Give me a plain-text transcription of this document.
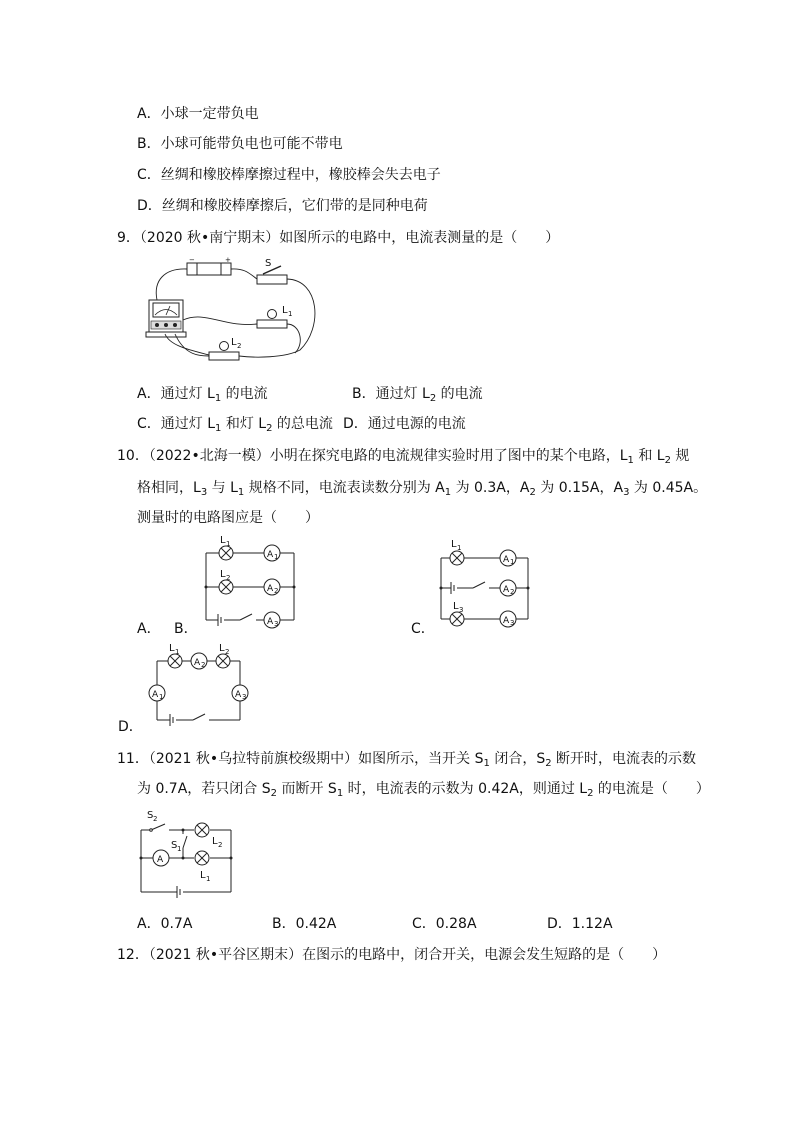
A．小球一定带负电
B．小球可能带负电也可能不带电
C．丝绸和橡胶棒摩擦过程中，橡胶棒会失去电子
D．丝绸和橡胶棒摩擦后，它们带的是同种电荷
9．（2020 秋•南宁期末）如图所示的电路中，电流表测量的是（　　）
−	+	S
L 1
L 2
A．通过灯 $L_1$ 的电流	B．通过灯 $L_2$ 的电流
C．通过灯 $L_1$ 和灯 $L_2$ 的总电流 D．通过电源的电流
10．（2022•北海一模）小明在探究电路的电流规律实验时用了图中的某个电路，$L_1$ 和 $L_2$ 规
格相同，$L_3$ 与 $L_1$ 规格不同，电流表读数分别为 $A_1$ 为 0.3A，$A_2$ 为 0.15A，$A_3$ 为 0.45A。
测量时的电路图应是（　　）
L 1
L 2
A 1
A 2
A 3
A． B．
L 1
L 3
A 1
A 2
A 3
C．
L 1
A 2
L 2
A 1	A 3
D．
11．（2021 秋•乌拉特前旗校级期中）如图所示，当开关 $S_1$ 闭合，$S_2$ 断开时，电流表的示数
为 0.7A，若只闭合 $S_2$ 而断开 $S_1$ 时，电流表的示数为 0.42A，则通过 $L_2$ 的电流是（　　）
S 2
S 1
L 2
L 1
A
A．0.7A	B．0.42A	C．0.28A	D．1.12A
12．（2021 秋•平谷区期末）在图示的电路中，闭合开关，电源会发生短路的是（　　）
